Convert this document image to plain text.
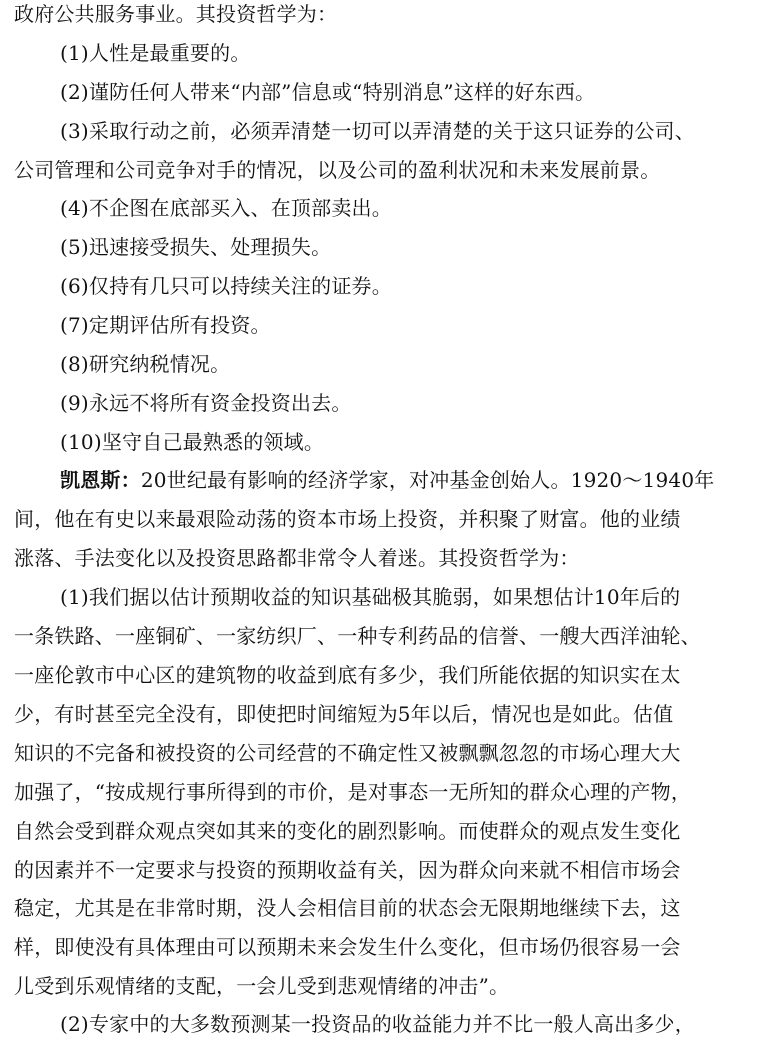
政府公共服务事业。其投资哲学为：
(1)人性是最重要的。
(2)谨防任何人带来“内部”信息或“特别消息”这样的好东西。
(3)采取行动之前，必须弄清楚一切可以弄清楚的关于这只证券的公司、
公司管理和公司竞争对手的情况，以及公司的盈利状况和未来发展前景。
(4)不企图在底部买入、在顶部卖出。
(5)迅速接受损失、处理损失。
(6)仅持有几只可以持续关注的证券。
(7)定期评估所有投资。
(8)研究纳税情况。
(9)永远不将所有资金投资出去。
(10)坚守自己最熟悉的领域。
凯恩斯：20世纪最有影响的经济学家，对冲基金创始人。1920～1940年
间，他在有史以来最艰险动荡的资本市场上投资，并积聚了财富。他的业绩
涨落、手法变化以及投资思路都非常令人着迷。其投资哲学为：
(1)我们据以估计预期收益的知识基础极其脆弱，如果想估计10年后的
一条铁路、一座铜矿、一家纺织厂、一种专利药品的信誉、一艘大西洋油轮、
一座伦敦市中心区的建筑物的收益到底有多少，我们所能依据的知识实在太
少，有时甚至完全没有，即使把时间缩短为5年以后，情况也是如此。估值
知识的不完备和被投资的公司经营的不确定性又被飘飘忽忽的市场心理大大
加强了，“按成规行事所得到的市价，是对事态一无所知的群众心理的产物，
自然会受到群众观点突如其来的变化的剧烈影响。而使群众的观点发生变化
的因素并不一定要求与投资的预期收益有关，因为群众向来就不相信市场会
稳定，尤其是在非常时期，没人会相信目前的状态会无限期地继续下去，这
样，即使没有具体理由可以预期未来会发生什么变化，但市场仍很容易一会
儿受到乐观情绪的支配，一会儿受到悲观情绪的冲击”。
(2)专家中的大多数预测某一投资品的收益能力并不比一般人高出多少，
